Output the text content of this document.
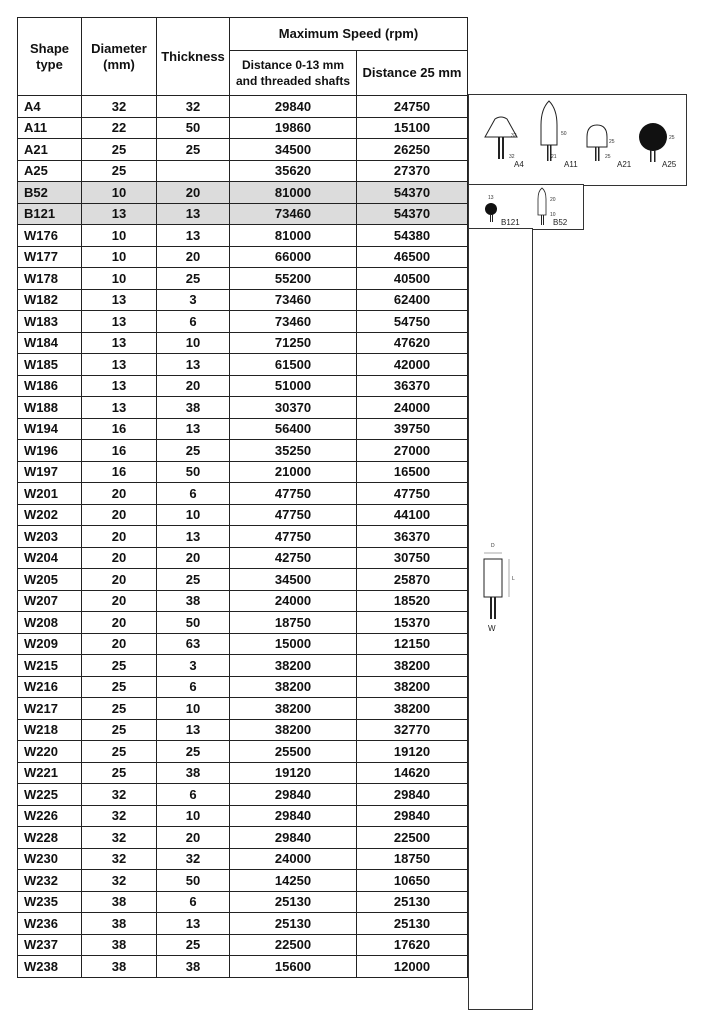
Shape type	Diameter (mm)	Thickness	Maximum Speed (rpm)	
			Distance 0-13 mm and threaded shafts	Distance 25 mm
A4	32	32	29840	24750
A11	22	50	19860	15100
A21	25	25	34500	26250
A25	25		35620	27370
B52	10	20	81000	54370
B121	13	13	73460	54370
W176	10	13	81000	54380
W177	10	20	66000	46500
W178	10	25	55200	40500
W182	13	3	73460	62400
W183	13	6	73460	54750
W184	13	10	71250	47620
W185	13	13	61500	42000
W186	13	20	51000	36370
W188	13	38	30370	24000
W194	16	13	56400	39750
W196	16	25	35250	27000
W197	16	50	21000	16500
W201	20	6	47750	47750
W202	20	10	47750	44100
W203	20	13	47750	36370
W204	20	20	42750	30750
W205	20	25	34500	25870
W207	20	38	24000	18520
W208	20	50	18750	15370
W209	20	63	15000	12150
W215	25	3	38200	38200
W216	25	6	38200	38200
W217	25	10	38200	38200
W218	25	13	38200	32770
W220	25	25	25500	19120
W221	25	38	19120	14620
W225	32	6	29840	29840
W226	32	10	29840	29840
W228	32	20	29840	22500
W230	32	32	24000	18750
W232	32	50	14250	10650
W235	38	6	25130	25130
W236	38	13	25130	25130
W237	38	25	22500	17620
W238	38	38	15600	12000
32
32
50
21
25
25
25
A4	A11	A21	A25
13	20
10
B121	B52
D
L
W
